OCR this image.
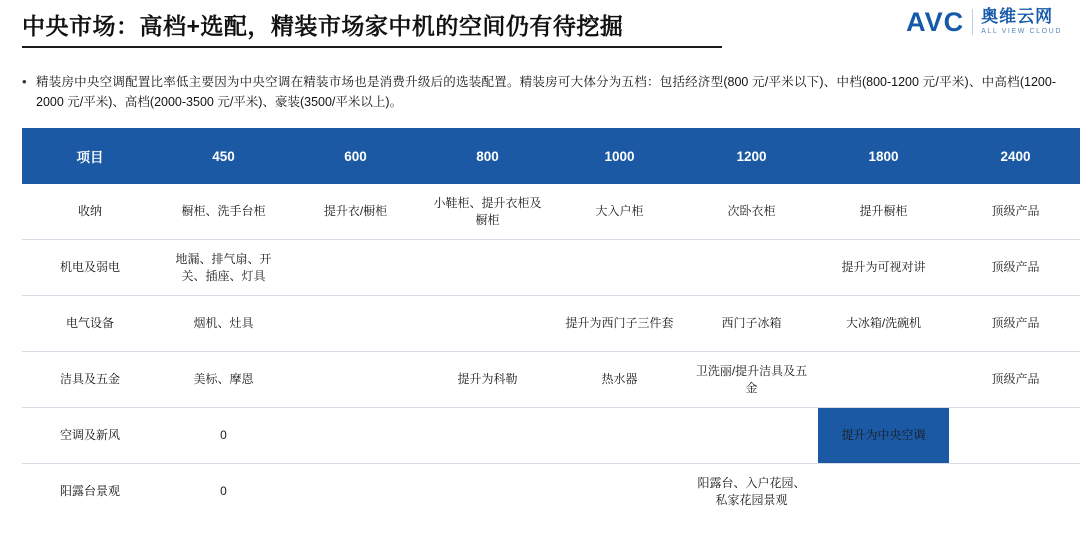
中央市场：高档+选配，精装市场家中机的空间仍有待挖掘	AVC 奥维云网
ALL VIEW CLOUD
• 精装房中央空调配置比率低主要因为中央空调在精装市场也是消费升级后的选装配置。精装房可大体分为五档：包括经济型(800 元/平米以下)、中档(800-1200 元/平米)、中高档(1200-2000 元/平米)、高档(2000-3500 元/平米)、豪装(3500/平米以上)。
项目	450	600	800	1000	1200	1800	2400
收纳	橱柜、洗手台柜	提升衣/橱柜	小鞋柜、提升衣柜及橱柜	大入户柜	次卧衣柜	提升橱柜	顶级产品
机电及弱电	地漏、排气扇、开关、插座、灯具					提升为可视对讲	顶级产品
电气设备	烟机、灶具			提升为西门子三件套	西门子冰箱	大冰箱/洗碗机	顶级产品
洁具及五金	美标、摩恩		提升为科勒	热水器	卫洗丽/提升洁具及五金		顶级产品
空调及新风	0					提升为中央空调	
阳露台景观	0				阳露台、入户花园、私家花园景观		
